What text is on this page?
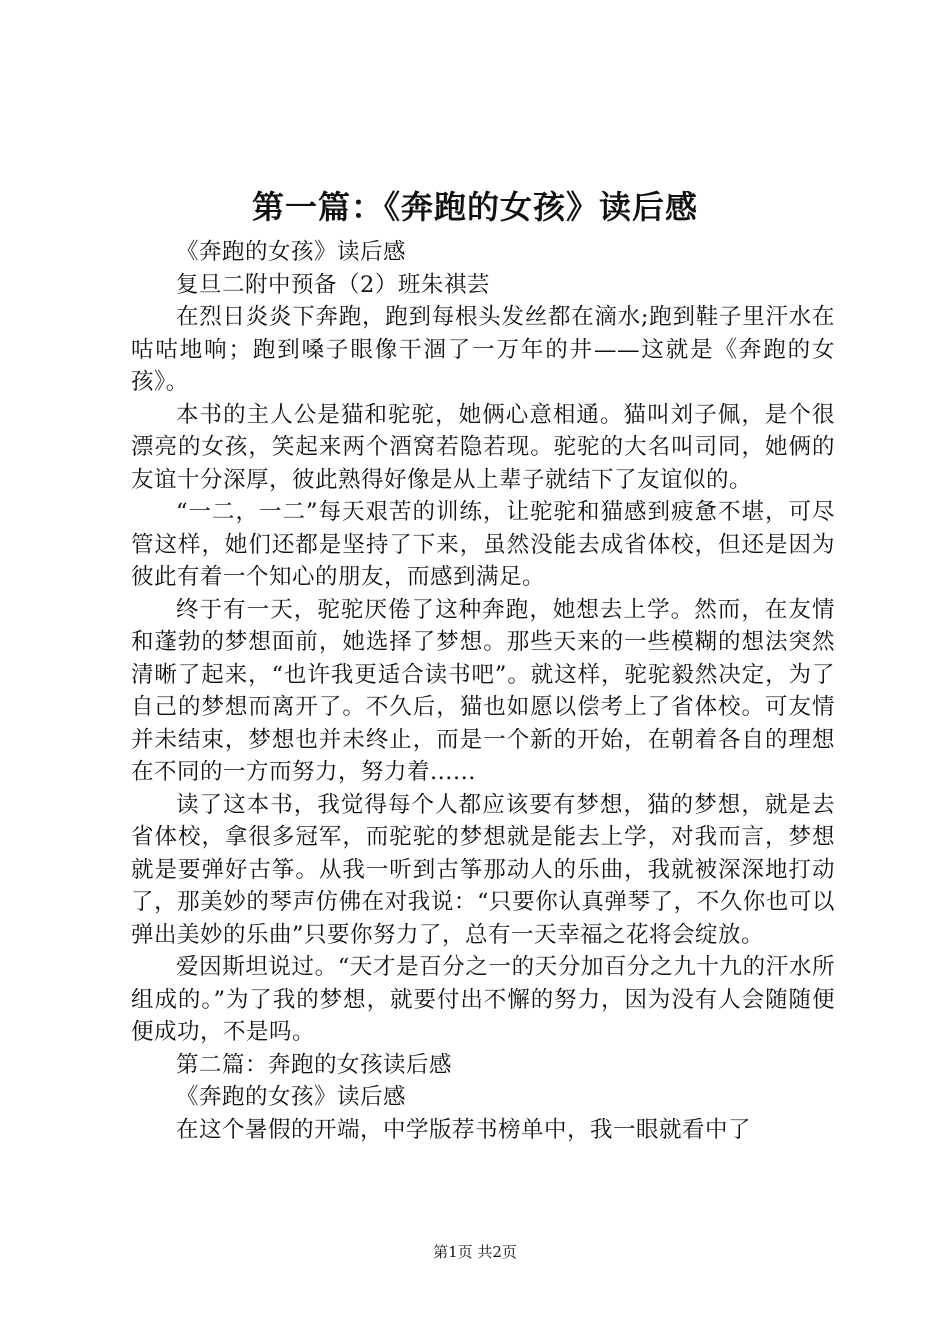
第一篇：《奔跑的女孩》读后感

《奔跑的女孩》读后感

复旦二附中预备（2）班朱祺芸

在烈日炎炎下奔跑，跑到每根头发丝都在滴水;跑到鞋子里汗水在咕咕地响；跑到嗓子眼像干涸了一万年的井——这就是《奔跑的女孩》。

本书的主人公是猫和驼驼，她俩心意相通。猫叫刘子佩，是个很漂亮的女孩，笑起来两个酒窝若隐若现。驼驼的大名叫司同，她俩的友谊十分深厚，彼此熟得好像是从上辈子就结下了友谊似的。

“一二，一二”每天艰苦的训练，让驼驼和猫感到疲惫不堪，可尽管这样，她们还都是坚持了下来，虽然没能去成省体校，但还是因为彼此有着一个知心的朋友，而感到满足。

终于有一天，驼驼厌倦了这种奔跑，她想去上学。然而，在友情和蓬勃的梦想面前，她选择了梦想。那些天来的一些模糊的想法突然清晰了起来，“也许我更适合读书吧”。就这样，驼驼毅然决定，为了自己的梦想而离开了。不久后，猫也如愿以偿考上了省体校。可友情并未结束，梦想也并未终止，而是一个新的开始，在朝着各自的理想在不同的一方而努力，努力着......

读了这本书，我觉得每个人都应该要有梦想，猫的梦想，就是去省体校，拿很多冠军，而驼驼的梦想就是能去上学，对我而言，梦想就是要弹好古筝。从我一听到古筝那动人的乐曲，我就被深深地打动了，那美妙的琴声仿佛在对我说：“只要你认真弹琴了，不久你也可以弹出美妙的乐曲”只要你努力了，总有一天幸福之花将会绽放。

爱因斯坦说过。“天才是百分之一的天分加百分之九十九的汗水所组成的。”为了我的梦想，就要付出不懈的努力，因为没有人会随随便便成功，不是吗。

第二篇：奔跑的女孩读后感

《奔跑的女孩》读后感

在这个暑假的开端，中学版荐书榜单中，我一眼就看中了

第1页 共2页
